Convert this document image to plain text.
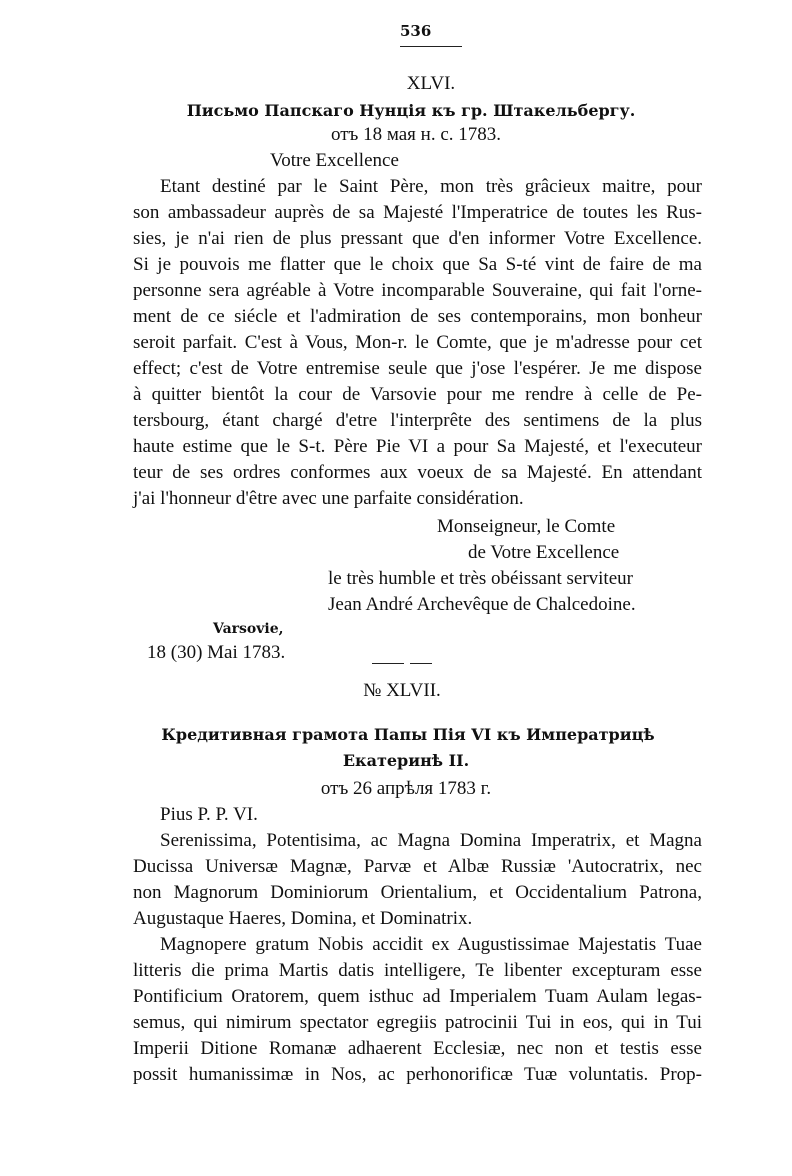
536
XLVI.
Письмо Папскаго Нунція къ гр. Штакельбергу.
отъ 18 мая н. с. 1783.
Votre Excellence
Etant destiné par le Saint Père, mon très grâcieux maitre, pour
son ambassadeur auprès de sa Majesté l'Imperatrice de toutes les Rus-
sies, je n'ai rien de plus pressant que d'en informer Votre Excellence.
Si je pouvois me flatter que le choix que Sa S-té vint de faire de ma
personne sera agréable à Votre incomparable Souveraine, qui fait l'orne-
ment de ce siécle et l'admiration de ses contemporains, mon bonheur
seroit parfait. C'est à Vous, Mon-r. le Comte, que je m'adresse pour cet
effect; c'est de Votre entremise seule que j'ose l'espérer. Je me dispose
à quitter bientôt la cour de Varsovie pour me rendre à celle de Pe-
tersbourg, étant chargé d'etre l'interprête des sentimens de la plus
haute estime que le S-t. Père Pie VI a pour Sa Majesté, et l'executeur
teur de ses ordres conformes aux voeux de sa Majesté. En attendant
j'ai l'honneur d'être avec une parfaite considération.
Monseigneur, le Comte
de Votre Excellence
le très humble et très obéissant serviteur
Jean André Archevêque de Chalcedoine.
Varsovie,
18 (30) Mai 1783.
№ XLVII.
Кредитивная грамота Папы Пія VI къ Императрицѣ
Екатеринѣ II.
отъ 26 апрѣля 1783 г.
Pius P. P. VI.
Serenissima, Potentisima, ac Magna Domina Imperatrix, et Magna
Ducissa Universæ Magnæ, Parvæ et Albæ Russiæ 'Autocratrix, nec
non Magnorum Dominiorum Orientalium, et Occidentalium Patrona,
Augustaque Haeres, Domina, et Dominatrix.
Magnopere gratum Nobis acсidit ex Augustissimae Majestatis Tuae
litteris die prima Martis datis intelligere, Te libenter excepturam esse
Pontificium Oratorem, quem isthuc ad Imperialem Tuam Aulam legas-
semus, qui nimirum spectator egregiis patrocinii Tui in eos, qui in Tui
Imperii Ditione Romanæ adhaerent Ecclesiæ, nec non et testis esse
possit humanissimæ in Nos, ac perhonorificæ Tuæ voluntatis. Prop-
